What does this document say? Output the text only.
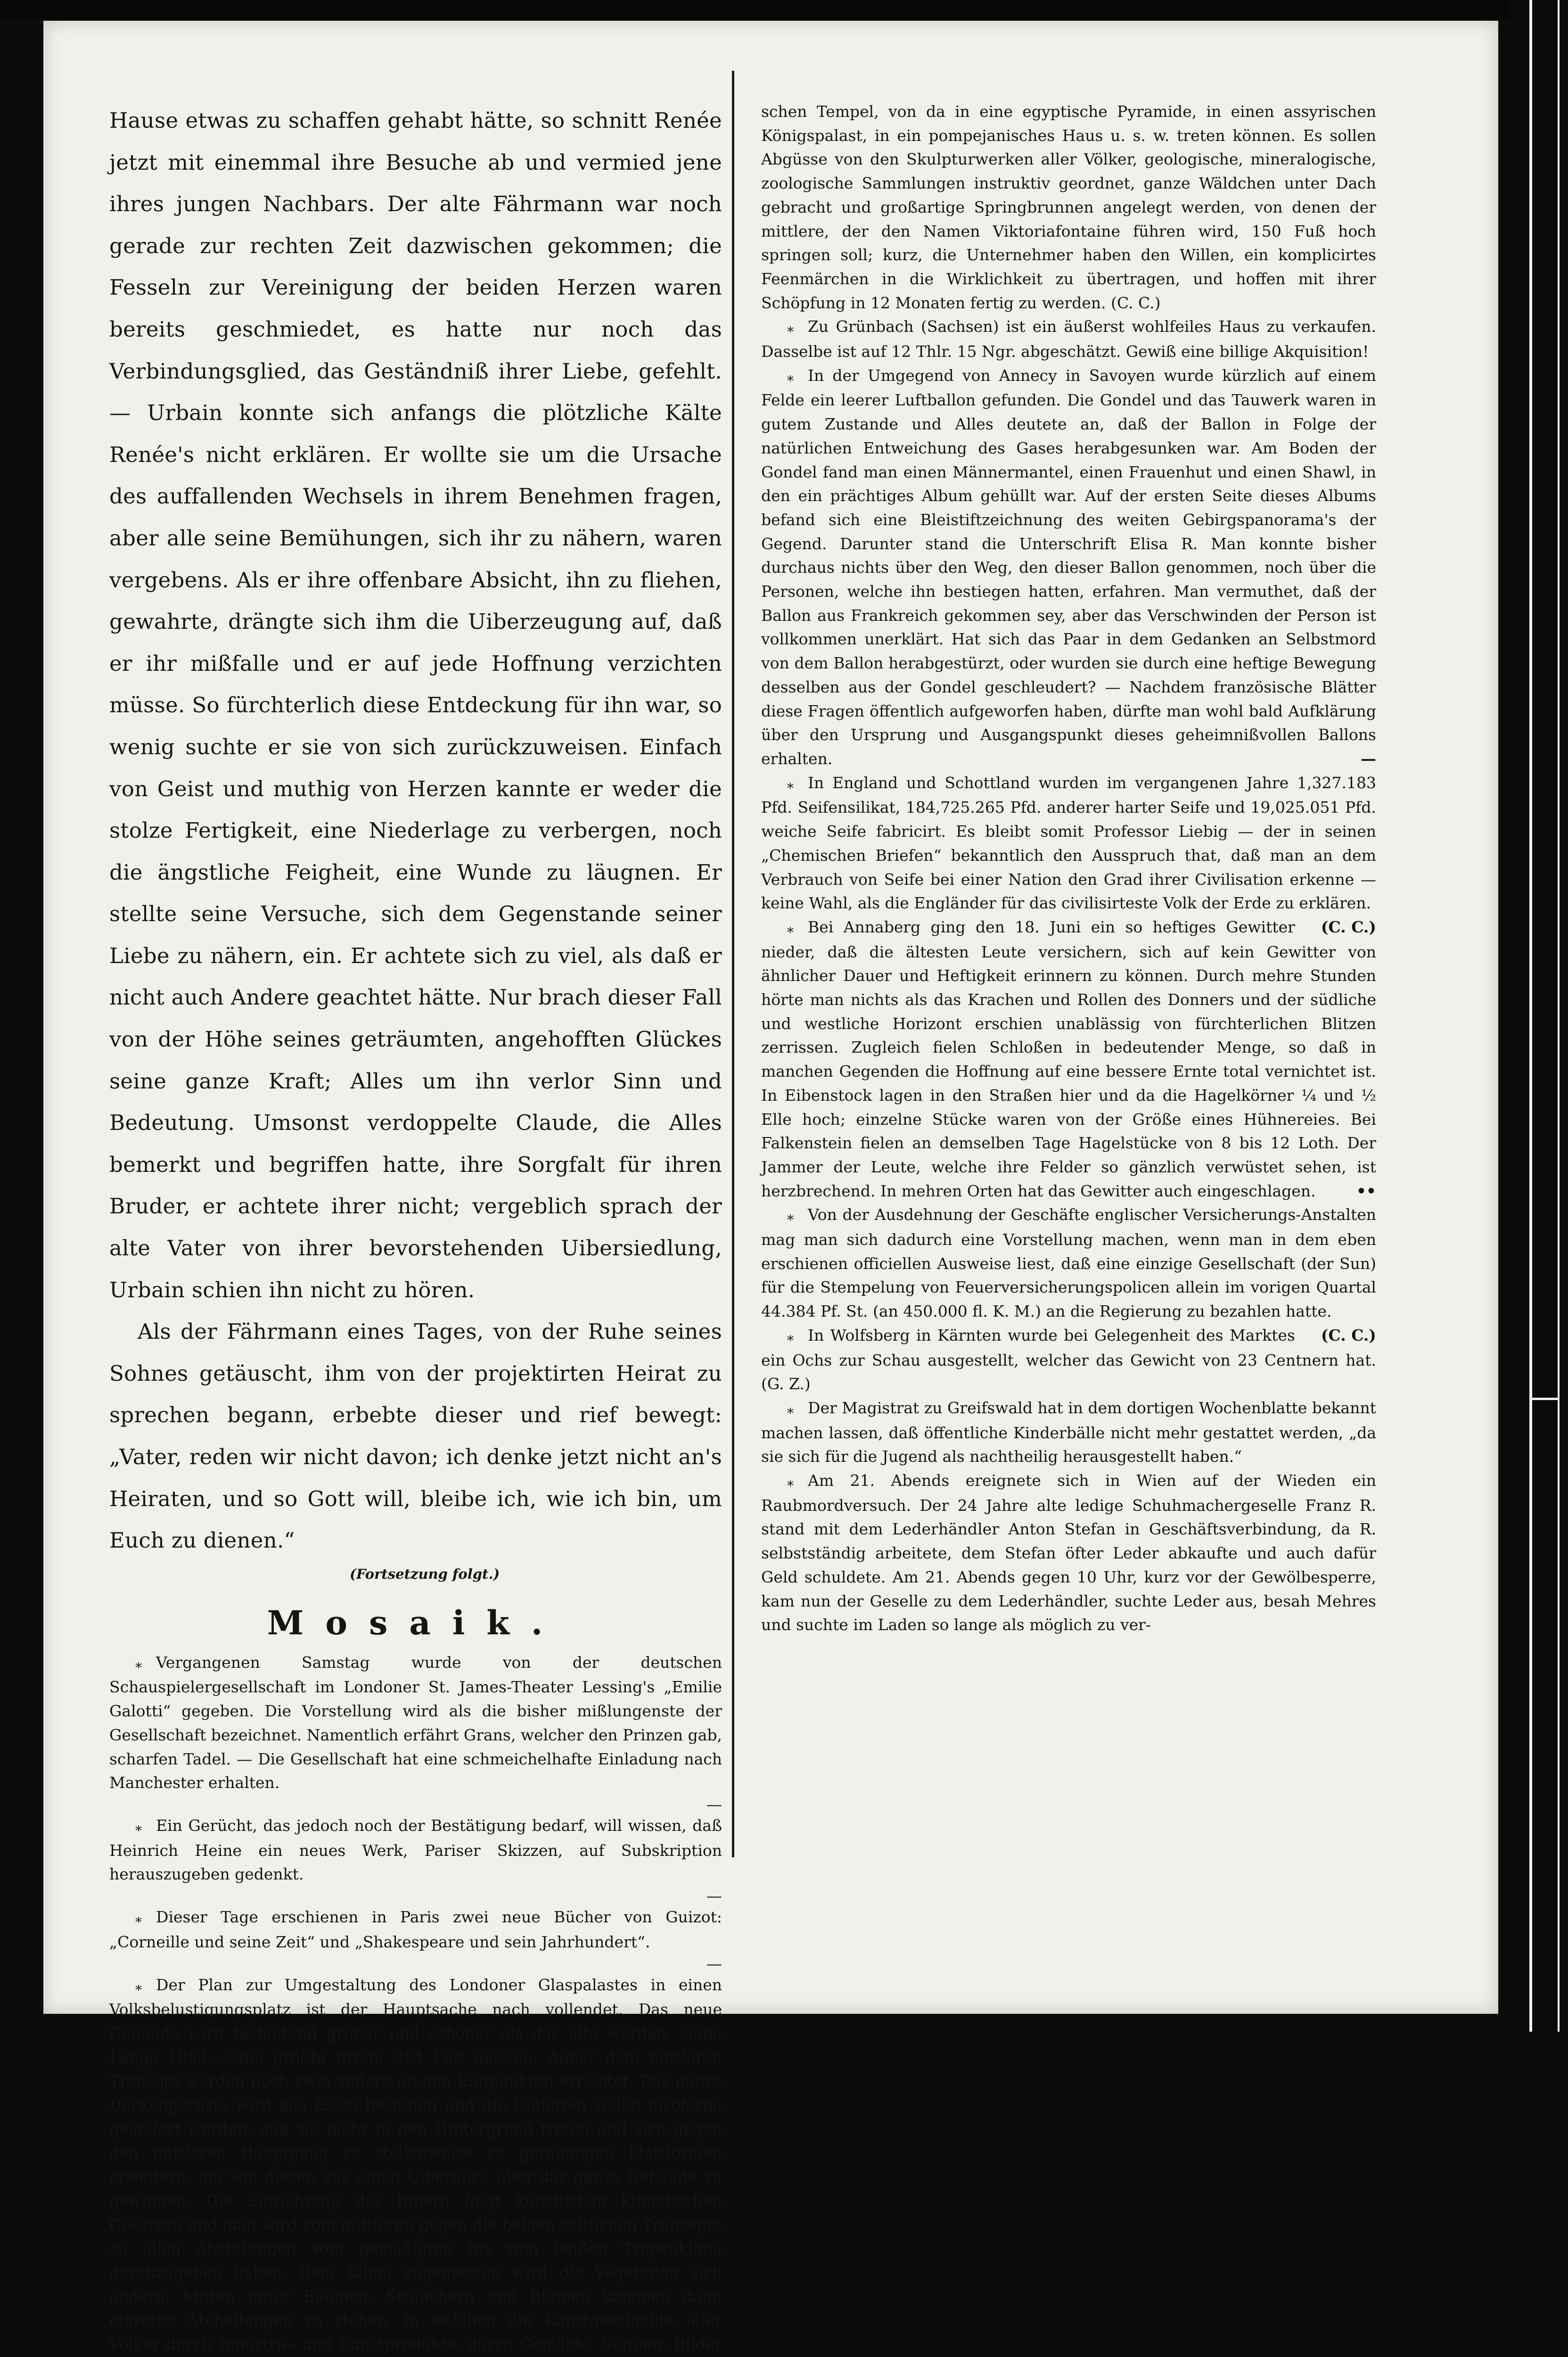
Hause etwas zu schaffen gehabt hätte, so schnitt Renée jetzt mit einemmal ihre Besuche ab und vermied jene ihres jungen Nachbars. Der alte Fährmann war noch gerade zur rechten Zeit dazwischen gekommen; die Fesseln zur Vereinigung der beiden Herzen waren bereits geschmiedet, es hatte nur noch das Verbindungsglied, das Geständniß ihrer Liebe, gefehlt. — Urbain konnte sich anfangs die plötzliche Kälte Renée's nicht erklären. Er wollte sie um die Ursache des auffallenden Wechsels in ihrem Benehmen fragen, aber alle seine Bemühungen, sich ihr zu nähern, waren vergebens. Als er ihre offenbare Absicht, ihn zu fliehen, gewahrte, drängte sich ihm die Uiberzeugung auf, daß er ihr mißfalle und er auf jede Hoffnung verzichten müsse. So fürchterlich diese Entdeckung für ihn war, so wenig suchte er sie von sich zurückzuweisen. Einfach von Geist und muthig von Herzen kannte er weder die stolze Fertigkeit, eine Niederlage zu verbergen, noch die ängstliche Feigheit, eine Wunde zu läugnen. Er stellte seine Versuche, sich dem Gegenstande seiner Liebe zu nähern, ein. Er achtete sich zu viel, als daß er nicht auch Andere geachtet hätte. Nur brach dieser Fall von der Höhe seines geträumten, angehofften Glückes seine ganze Kraft; Alles um ihn verlor Sinn und Bedeutung. Umsonst verdoppelte Claude, die Alles bemerkt und begriffen hatte, ihre Sorgfalt für ihren Bruder, er achtete ihrer nicht; vergeblich sprach der alte Vater von ihrer bevorstehenden Uibersiedlung, Urbain schien ihn nicht zu hören.

Als der Fährmann eines Tages, von der Ruhe seines Sohnes getäuscht, ihm von der projektirten Heirat zu sprechen begann, erbebte dieser und rief bewegt: „Vater, reden wir nicht davon; ich denke jetzt nicht an's Heiraten, und so Gott will, bleibe ich, wie ich bin, um Euch zu dienen.“

(Fortsetzung folgt.)
Mosaik.

⁎ Vergangenen Samstag wurde von der deutschen Schauspielergesellschaft im Londoner St. James-Theater Lessing's „Emilie Galotti“ gegeben. Die Vorstellung wird als die bisher mißlungenste der Gesellschaft bezeichnet. Namentlich erfährt Grans, welcher den Prinzen gab, scharfen Tadel. — Die Gesellschaft hat eine schmeichelhafte Einladung nach Manchester erhalten.

—

⁎ Ein Gerücht, das jedoch noch der Bestätigung bedarf, will wissen, daß Heinrich Heine ein neues Werk, Pariser Skizzen, auf Subskription herauszugeben gedenkt.

—

⁎ Dieser Tage erschienen in Paris zwei neue Bücher von Guizot: „Corneille und seine Zeit“ und „Shakespeare und sein Jahrhundert“.

—

⁎ Der Plan zur Umgestaltung des Londoner Glaspalastes in einen Volksbelustigungsplatz ist der Hauptsache nach vollendet. Das neue Gebäude wird bedeutend größer und schöner als das alte werden, seine Länge 1853, seine größte Breite 384 Fuß messen. Außer dem mittleren Transept werden noch zwei andere an den Endpunkten errichtet. Das ganze Deckengerüste wird aus Eisen bestehen und die Gallerien sollen insoferne geändert werden, daß sie mehr in den Hintergrund treten und sich gegen den mittleren Hauptgang zu stellenweise zu geräumigen Plattformen erweitern, um von diesen aus einen Uiberblick über das ganze Gebäude zu gewinnen. Die Einrichtung des Innern folgt künstlichen klimatischen Gesetzen und man wird vom mittleren gegen die beiden seitlichen Transepte zu allen Abstufungen vom gemäßigten bis zum heißen Tropenklima durchzugehen haben. Dem Klima angemessen wird die Vegetation sich ändern. Mitten unter Bäumen, Sträuchern und Blumen kommen dann einzelne Abtheilungen zu stehen, in welchen die Kunstgeschichte aller Völker durch Industrie- und Kunstprodukte, durch Gemälde, Statuen, Bilder

schen Tempel, von da in eine egyptische Pyramide, in einen assyrischen Königspalast, in ein pompejanisches Haus u. s. w. treten können. Es sollen Abgüsse von den Skulpturwerken aller Völker, geologische, mineralogische, zoologische Sammlungen instruktiv geordnet, ganze Wäldchen unter Dach gebracht und großartige Springbrunnen angelegt werden, von denen der mittlere, der den Namen Viktoriafontaine führen wird, 150 Fuß hoch springen soll; kurz, die Unternehmer haben den Willen, ein komplicirtes Feenmärchen in die Wirklichkeit zu übertragen, und hoffen mit ihrer Schöpfung in 12 Monaten fertig zu werden. (C. C.)

⁎ Zu Grünbach (Sachsen) ist ein äußerst wohlfeiles Haus zu verkaufen. Dasselbe ist auf 12 Thlr. 15 Ngr. abgeschätzt. Gewiß eine billige Akquisition!

⁎ In der Umgegend von Annecy in Savoyen wurde kürzlich auf einem Felde ein leerer Luftballon gefunden. Die Gondel und das Tauwerk waren in gutem Zustande und Alles deutete an, daß der Ballon in Folge der natürlichen Entweichung des Gases herabgesunken war. Am Boden der Gondel fand man einen Männermantel, einen Frauenhut und einen Shawl, in den ein prächtiges Album gehüllt war. Auf der ersten Seite dieses Albums befand sich eine Bleistiftzeichnung des weiten Gebirgspanorama's der Gegend. Darunter stand die Unterschrift Elisa R. Man konnte bisher durchaus nichts über den Weg, den dieser Ballon genommen, noch über die Personen, welche ihn bestiegen hatten, erfahren. Man vermuthet, daß der Ballon aus Frankreich gekommen sey, aber das Verschwinden der Person ist vollkommen unerklärt. Hat sich das Paar in dem Gedanken an Selbstmord von dem Ballon herabgestürzt, oder wurden sie durch eine heftige Bewegung desselben aus der Gondel geschleudert? — Nachdem französische Blätter diese Fragen öffentlich aufgeworfen haben, dürfte man wohl bald Aufklärung über den Ursprung und Ausgangspunkt dieses geheimnißvollen Ballons erhalten.	—

⁎ In England und Schottland wurden im vergangenen Jahre 1,327.183 Pfd. Seifensilikat, 184,725.265 Pfd. anderer harter Seife und 19,025.051 Pfd. weiche Seife fabricirt. Es bleibt somit Professor Liebig — der in seinen „Chemischen Briefen“ bekanntlich den Ausspruch that, daß man an dem Verbrauch von Seife bei einer Nation den Grad ihrer Civilisation erkenne — keine Wahl, als die Engländer für das civilisirteste Volk der Erde zu erklären.
(C. C.)

⁎ Bei Annaberg ging den 18. Juni ein so heftiges Gewitter nieder, daß die ältesten Leute versichern, sich auf kein Gewitter von ähnlicher Dauer und Heftigkeit erinnern zu können. Durch mehre Stunden hörte man nichts als das Krachen und Rollen des Donners und der südliche und westliche Horizont erschien unablässig von fürchterlichen Blitzen zerrissen. Zugleich fielen Schloßen in bedeutender Menge, so daß in manchen Gegenden die Hoffnung auf eine bessere Ernte total vernichtet ist. In Eibenstock lagen in den Straßen hier und da die Hagelkörner ¼ und ½ Elle hoch; einzelne Stücke waren von der Größe eines Hühnereies. Bei Falkenstein fielen an demselben Tage Hagelstücke von 8 bis 12 Loth. Der Jammer der Leute, welche ihre Felder so gänzlich verwüstet sehen, ist herzbrechend. In mehren Orten hat das Gewitter auch eingeschlagen.	••

⁎ Von der Ausdehnung der Geschäfte englischer Versicherungs-Anstalten mag man sich dadurch eine Vorstellung machen, wenn man in dem eben erschienen officiellen Ausweise liest, daß eine einzige Gesellschaft (der Sun) für die Stempelung von Feuerversicherungspolicen allein im vorigen Quartal 44.384 Pf. St. (an 450.000 fl. K. M.) an die Regierung zu bezahlen hatte.
(C. C.)

⁎ In Wolfsberg in Kärnten wurde bei Gelegenheit des Marktes ein Ochs zur Schau ausgestellt, welcher das Gewicht von 23 Centnern hat. (G. Z.)

⁎ Der Magistrat zu Greifswald hat in dem dortigen Wochenblatte bekannt machen lassen, daß öffentliche Kinderbälle nicht mehr gestattet werden, „da sie sich für die Jugend als nachtheilig herausgestellt haben.“

⁎ Am 21. Abends ereignete sich in Wien auf der Wieden ein Raubmordversuch. Der 24 Jahre alte ledige Schuhmachergeselle Franz R. stand mit dem Lederhändler Anton Stefan in Geschäftsverbindung, da R. selbstständig arbeitete, dem Stefan öfter Leder abkaufte und auch dafür Geld schuldete. Am 21. Abends gegen 10 Uhr, kurz vor der Gewölbesperre, kam nun der Geselle zu dem Lederhändler, suchte Leder aus, besah Mehres und suchte im Laden so lange als möglich zu ver-
